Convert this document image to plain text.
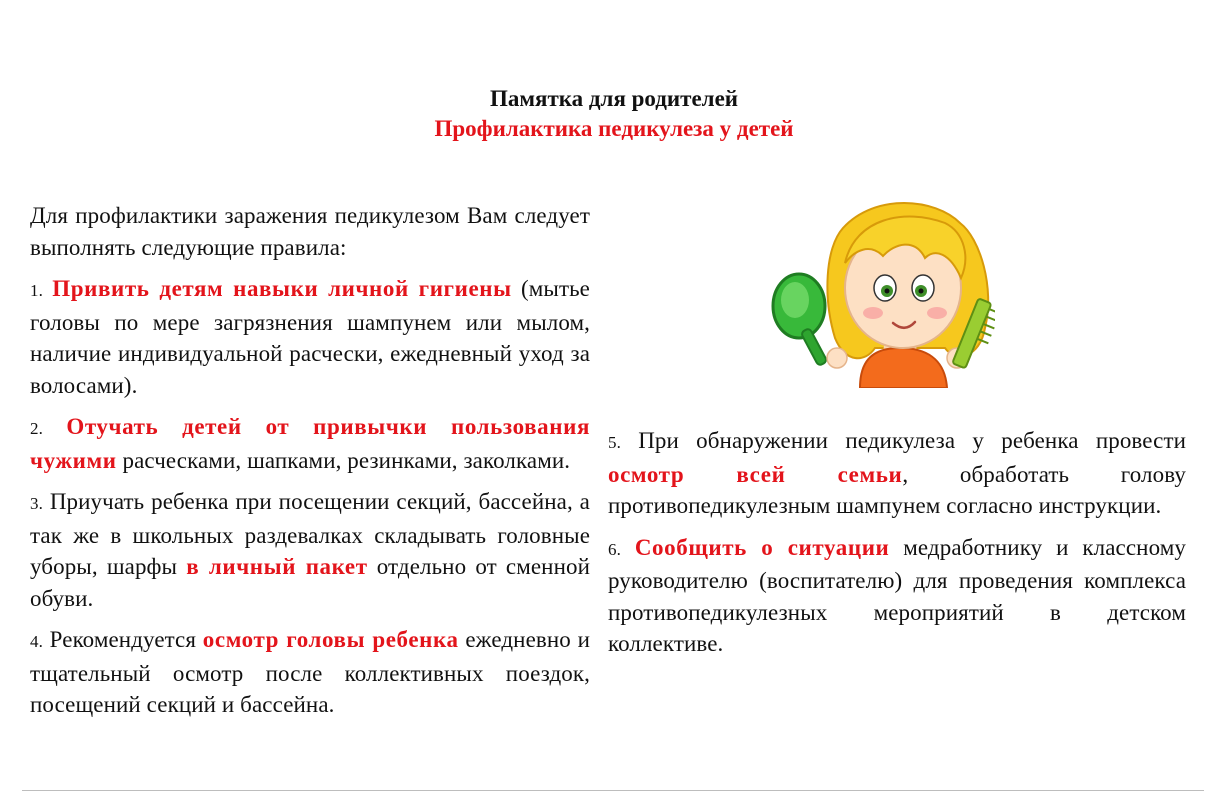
Памятка для родителей
Профилактика педикулеза у детей

Для профилактики заражения педикулезом Вам следует выполнять следующие правила:

1. Привить детям навыки личной гигиены (мытье головы по мере загрязнения шампунем или мылом, наличие индивидуальной расчески, ежедневный уход за волосами).

2. Отучать детей от привычки пользования чужими расческами, шапками, резинками, заколками.

3. Приучать ребенка при посещении секций, бассейна, а так же в школьных раздевалках складывать головные уборы, шарфы в личный пакет отдельно от сменной обуви.

4. Рекомендуется осмотр головы ребенка ежедневно и тщательный осмотр после коллективных поездок, посещений секций и бассейна.

5. При обнаружении педикулеза у ребенка провести осмотр всей семьи, обработать голову противопедикулезным шампунем согласно инструкции.

6. Сообщить о ситуации медработнику и классному руководителю (воспитателю) для проведения комплекса противопедикулезных мероприятий в детском коллективе.
